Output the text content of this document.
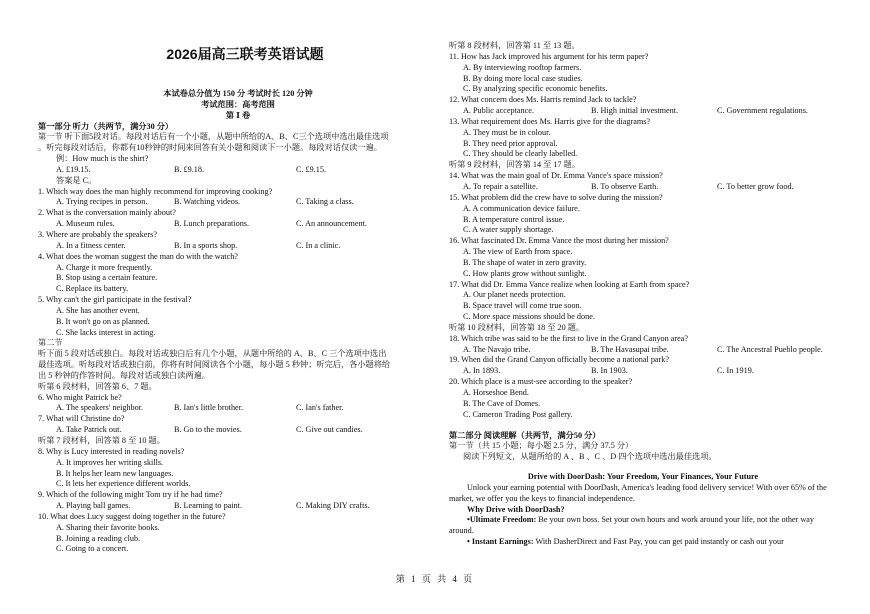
2026届高三联考英语试题
本试卷总分值为 150 分 考试时长 120 分钟
考试范围：高考范围
第 Ⅰ 卷
第一部分 听力（共两节，满分30 分）
第一节 听下面5段对话。每段对话后有一个小题，从题中所给的A、B、C三个选项中选出最佳选项
。听完每段对话后，你都有10秒钟的时间来回答有关小题和阅读下一小题。每段对话仅读一遍。
例：How much is the shirt?
A. £19.15.	B. £9.18.	C. £9.15.
答案是 C。
1. Which way does the man highly recommend for improving cooking?
A. Trying recipes in person.	B. Watching videos.	C. Taking a class.
2. What is the conversation mainly about?
A. Museum rules.	B. Lunch preparations.	C. An announcement.
3. Where are probably the speakers?
A. In a fitness center.	B. In a sports shop.	C. In a clinic.
4. What does the woman suggest the man do with the watch?
A. Charge it more frequently.
B. Stop using a certain feature.
C. Replace its battery.
5. Why can't the girl participate in the festival?
A. She has another event.
B. It won't go on as planned.
C. She lacks interest in acting.
第二节
听下面 5 段对话或独白。每段对话或独白后有几个小题，从题中所给的 A、B、C 三个选项中选出
最佳选项。听每段对话或独白前，你将有时间阅读各个小题，每小题 5 秒钟；听完后，各小题将给
出 5 秒钟的作答时间。每段对话或独白读两遍。
听第 6 段材料，回答第 6、7 题。
6. Who might Patrick be?
A. The speakers' neighbor.	B. Ian's little brother.	C. Ian's father.
7. What will Christine do?
A. Take Patrick out.	B. Go to the movies.	C. Give out candies.
听第 7 段材料，回答第 8 至 10 题。
8. Why is Lucy interested in reading novels?
A. It improves her writing skills.
B. It helps her learn new languages.
C. It lets her experience different worlds.
9. Which of the following might Tom try if he had time?
A. Playing ball games.	B. Learning to paint.	C. Making DIY crafts.
10. What does Lucy suggest doing together in the future?
A. Sharing their favorite books.
B. Joining a reading club.
C. Going to a concert.
听第 8 段材料，回答第 11 至 13 题。
11. How has Jack improved his argument for his term paper?
A. By interviewing rooftop farmers.
B. By doing more local case studies.
C. By analyzing specific economic benefits.
12. What concern does Ms. Harris remind Jack to tackle?
A. Public acceptance.	B. High initial investment.	C. Government regulations.
13. What requirement does Ms. Harris give for the diagrams?
A. They must be in colour.
B. They need prior approval.
C. They should be clearly labelled.
听第 9 段材料，回答第 14 至 17 题。
14. What was the main goal of Dr. Emma Vance's space mission?
A. To repair a satellite.	B. To observe Earth.	C. To better grow food.
15. What problem did the crew have to solve during the mission?
A. A communication device failure.
B. A temperature control issue.
C. A water supply shortage.
16. What fascinated Dr. Emma Vance the most during her mission?
A. The view of Earth from space.
B. The shape of water in zero gravity.
C. How plants grow without sunlight.
17. What did Dr. Emma Vance realize when looking at Earth from space?
A. Our planet needs protection.
B. Space travel will come true soon.
C. More space missions should be done.
听第 10 段材料，回答第 18 至 20 题。
18. Which tribe was said to be the first to live in the Grand Canyon area?
A. The Navajo tribe.	B. The Havasupai tribe.	C. The Ancestral Pueblo people.
19. When did the Grand Canyon officially become a national park?
A. In 1893.	B. In 1903.	C. In 1919.
20. Which place is a must-see according to the speaker?
A. Horseshoe Bend.
B. The Cave of Domes.
C. Cameron Trading Post gallery.
第二部分 阅读理解（共两节，满分50 分）
第一节（共 15 小题；每小题 2.5 分，满分 37.5 分）
阅读下列短文，从题所给的 A 、B 、C 、D 四个选项中选出最佳选项。
Drive with DoorDash: Your Freedom, Your Finances, Your Future
Unlock your earning potential with DoorDash, America's leading food delivery service! With over 65% of the market, we offer you the keys to financial independence.
Why Drive with DoorDash?
•Ultimate Freedom: Be your own boss. Set your own hours and work around your life, not the other way around.
• Instant Earnings: With DasherDirect and Fast Pay, you can get paid instantly or cash out your
第 1 页 共 4 页
